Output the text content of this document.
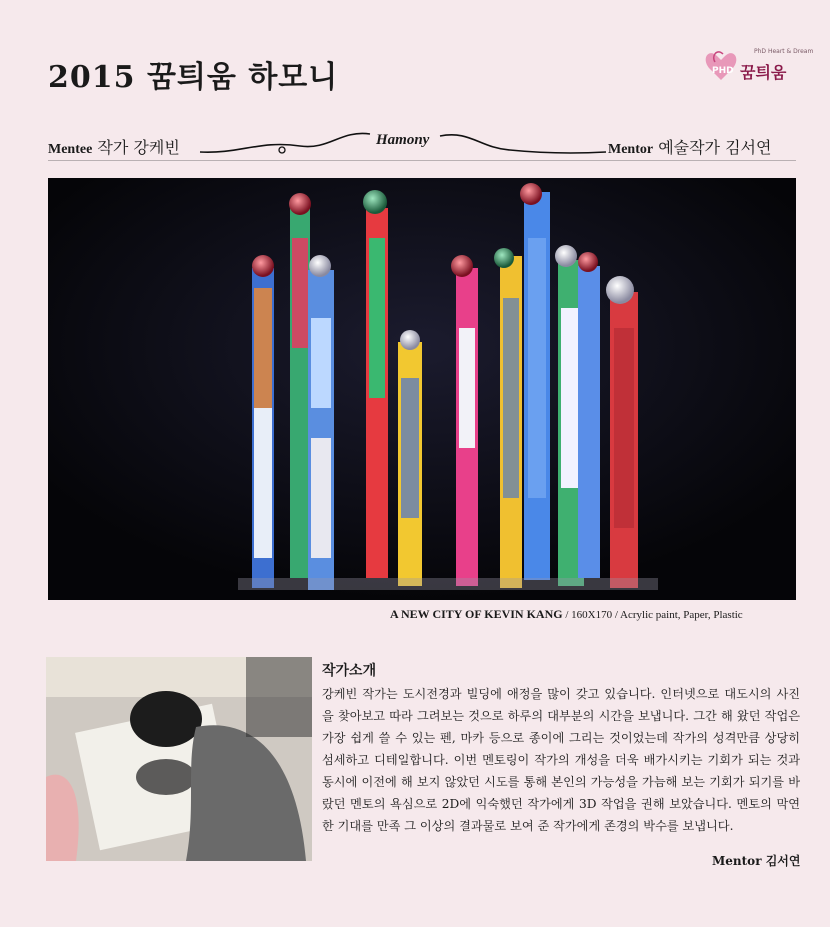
2015 꿈틔움 하모니
PhD Heart & Dream
PHD 꿈틔움
Mentee 작가 강케빈	Hamony
Mentor 예술작가 김서연
A NEW CITY OF KEVIN KANG / 160X170 / Acrylic paint, Paper, Plastic
작가소개
강케빈 작가는 도시전경과 빌딩에 애정을 많이 갖고 있습니다. 인터넷으로 대도시의 사진을 찾아보고 따라 그려보는 것으로 하루의 대부분의 시간을 보냅니다. 그간 해 왔던 작업은 가장 쉽게 쓸 수 있는 펜, 마카 등으로 종이에 그리는 것이었는데 작가의 성격만큼 상당히 섬세하고 디테일합니다. 이번 멘토링이 작가의 개성을 더욱 배가시키는 기회가 되는 것과 동시에 이전에 해 보지 않았던 시도를 통해 본인의 가능성을 가늠해 보는 기회가 되기를 바랐던 멘토의 욕심으로 2D에 익숙했던 작가에게 3D 작업을 권해 보았습니다. 멘토의 막연한 기대를 만족 그 이상의 결과물로 보여 준 작가에게 존경의 박수를 보냅니다.
Mentor 김서연
